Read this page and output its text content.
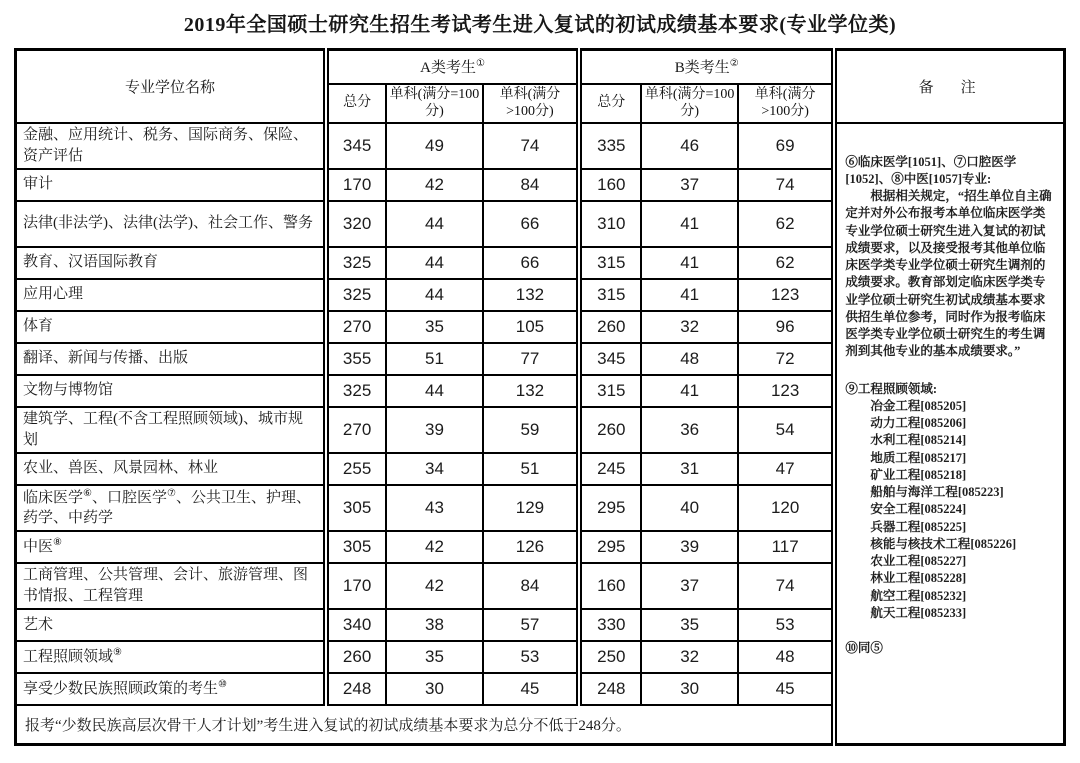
2019年全国硕士研究生招生考试考生进入复试的初试成绩基本要求(专业学位类)
专业学位名称	A类考生①			B类考生②			备　注
	总分	单科(满分=100分)	单科(满分>100分)	总分	单科(满分=100分)	单科(满分>100分)	
金融、应用统计、税务、国际商务、保险、资产评估	345	49	74	335	46	69	
⑥临床医学[1051]、⑦口腔医学[1052]、⑧中医[1057]专业:
根据相关规定，“招生单位自主确定并对外公布报考本单位临床医学类专业学位硕士研究生进入复试的初试成绩要求，以及接受报考其他单位临床医学类专业学位硕士研究生调剂的成绩要求。教育部划定临床医学类专业学位硕士研究生初试成绩基本要求供招生单位参考，同时作为报考临床医学类专业学位硕士研究生的考生调剂到其他专业的基本成绩要求。”
⑨工程照顾领域:
冶金工程[085205]
动力工程[085206]
水利工程[085214]
地质工程[085217]
矿业工程[085218]
船舶与海洋工程[085223]
安全工程[085224]
兵器工程[085225]
核能与核技术工程[085226]
农业工程[085227]
林业工程[085228]
航空工程[085232]
航天工程[085233]
⑩同⑤

审计	170	42	84	160	37	74	
法律(非法学)、法律(法学)、社会工作、警务	320	44	66	310	41	62	
教育、汉语国际教育	325	44	66	315	41	62	
应用心理	325	44	132	315	41	123	
体育	270	35	105	260	32	96	
翻译、新闻与传播、出版	355	51	77	345	48	72	
文物与博物馆	325	44	132	315	41	123	
建筑学、工程(不含工程照顾领域)、城市规划	270	39	59	260	36	54	
农业、兽医、风景园林、林业	255	34	51	245	31	47	
临床医学⑥、口腔医学⑦、公共卫生、护理、药学、中药学	305	43	129	295	40	120	
中医⑧	305	42	126	295	39	117	
工商管理、公共管理、会计、旅游管理、图书情报、工程管理	170	42	84	160	37	74	
艺术	340	38	57	330	35	53	
工程照顾领域⑨	260	35	53	250	32	48	
享受少数民族照顾政策的考生⑩	248	30	45	248	30	45	
报考“少数民族高层次骨干人才计划”考生进入复试的初试成绩基本要求为总分不低于248分。							
